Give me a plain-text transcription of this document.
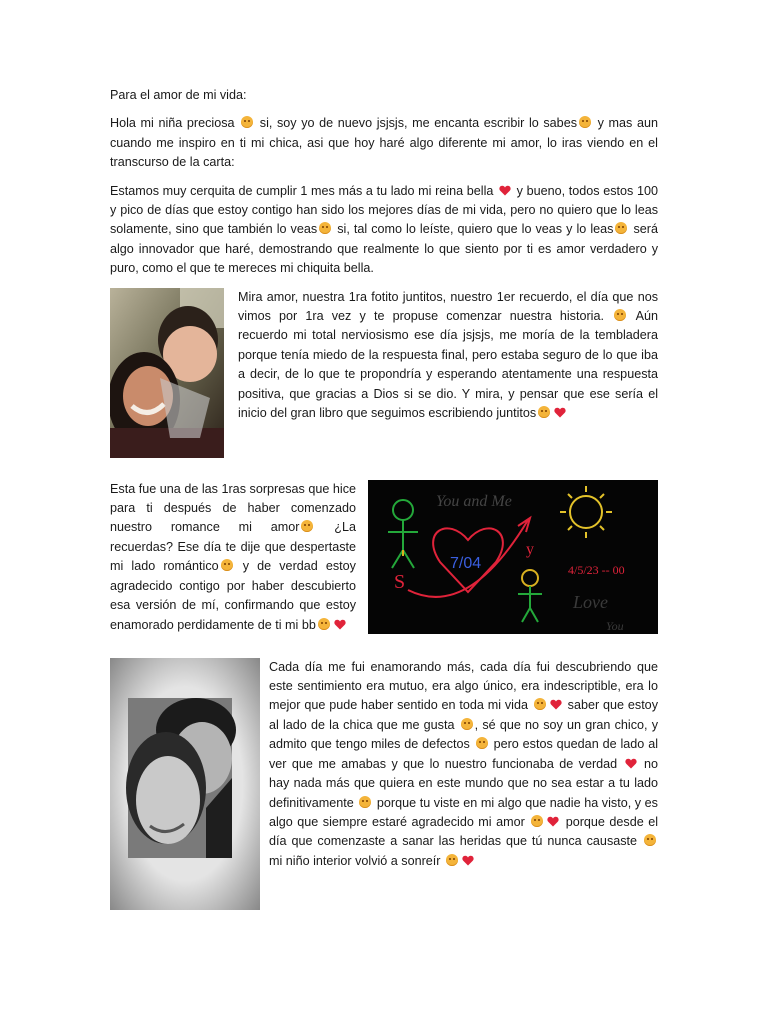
Para el amor de mi vida:

Hola mi niña preciosa  si, soy yo de nuevo jsjsjs, me encanta escribir lo sabes y mas aun cuando me inspiro en ti mi chica, asi que hoy haré algo diferente mi amor, lo iras viendo en el transcurso de la carta:

Estamos muy cerquita de cumplir 1 mes más a tu lado mi reina bella
y bueno, todos estos 100 y pico de días que estoy contigo han sido los mejores días de mi vida, pero no quiero que lo leas solamente, sino que también lo veas si, tal como lo leíste, quiero que lo veas y lo leas será algo innovador que haré, demostrando que realmente lo que siento por ti es amor verdadero y puro, como el que te mereces mi chiquita bella.

Mira amor, nuestra 1ra fotito juntitos, nuestro 1er recuerdo, el día que nos vimos por 1ra vez y te propuse comenzar nuestra historia.  Aún recuerdo mi total nerviosismo ese día jsjsjs, me moría de la tembladera porque tenía miedo de la respuesta final, pero estaba seguro de lo que iba a decir, de lo que te propondría y esperando atentamente una respuesta positiva, que gracias a Dios si se dio. Y mira, y pensar que ese sería el inicio del gran libro que seguimos escribiendo juntitos

Esta fue una de las 1ras sorpresas que hice para ti después de haber comenzado nuestro romance mi amor ¿La recuerdas? Ese día te dije que despertaste mi lado romántico y de verdad estoy agradecido contigo por haber descubierto esa versión de mí, confirmando que estoy enamorado perdidamente de ti mi bb

S
You and Me
7/04
y
4/5/23 -- 00
Love
You

Cada día me fui enamorando más, cada día fui descubriendo que este sentimiento era mutuo, era algo único, era indescriptible, era lo mejor que pude haber sentido en toda mi vida	saber que estoy al lado de la chica que me gusta , sé que no soy un gran chico, y admito que tengo miles de defectos  pero estos quedan de lado al ver que me amabas y que lo nuestro funcionaba de verdad
no hay nada más que quiera en este mundo que no sea estar a tu lado definitivamente  porque tu viste en mi algo que nadie ha visto, y es algo que siempre estaré agradecido mi amor	porque desde el día que comenzaste a sanar las heridas que tú nunca causaste  mi niño interior volvió a sonreír
